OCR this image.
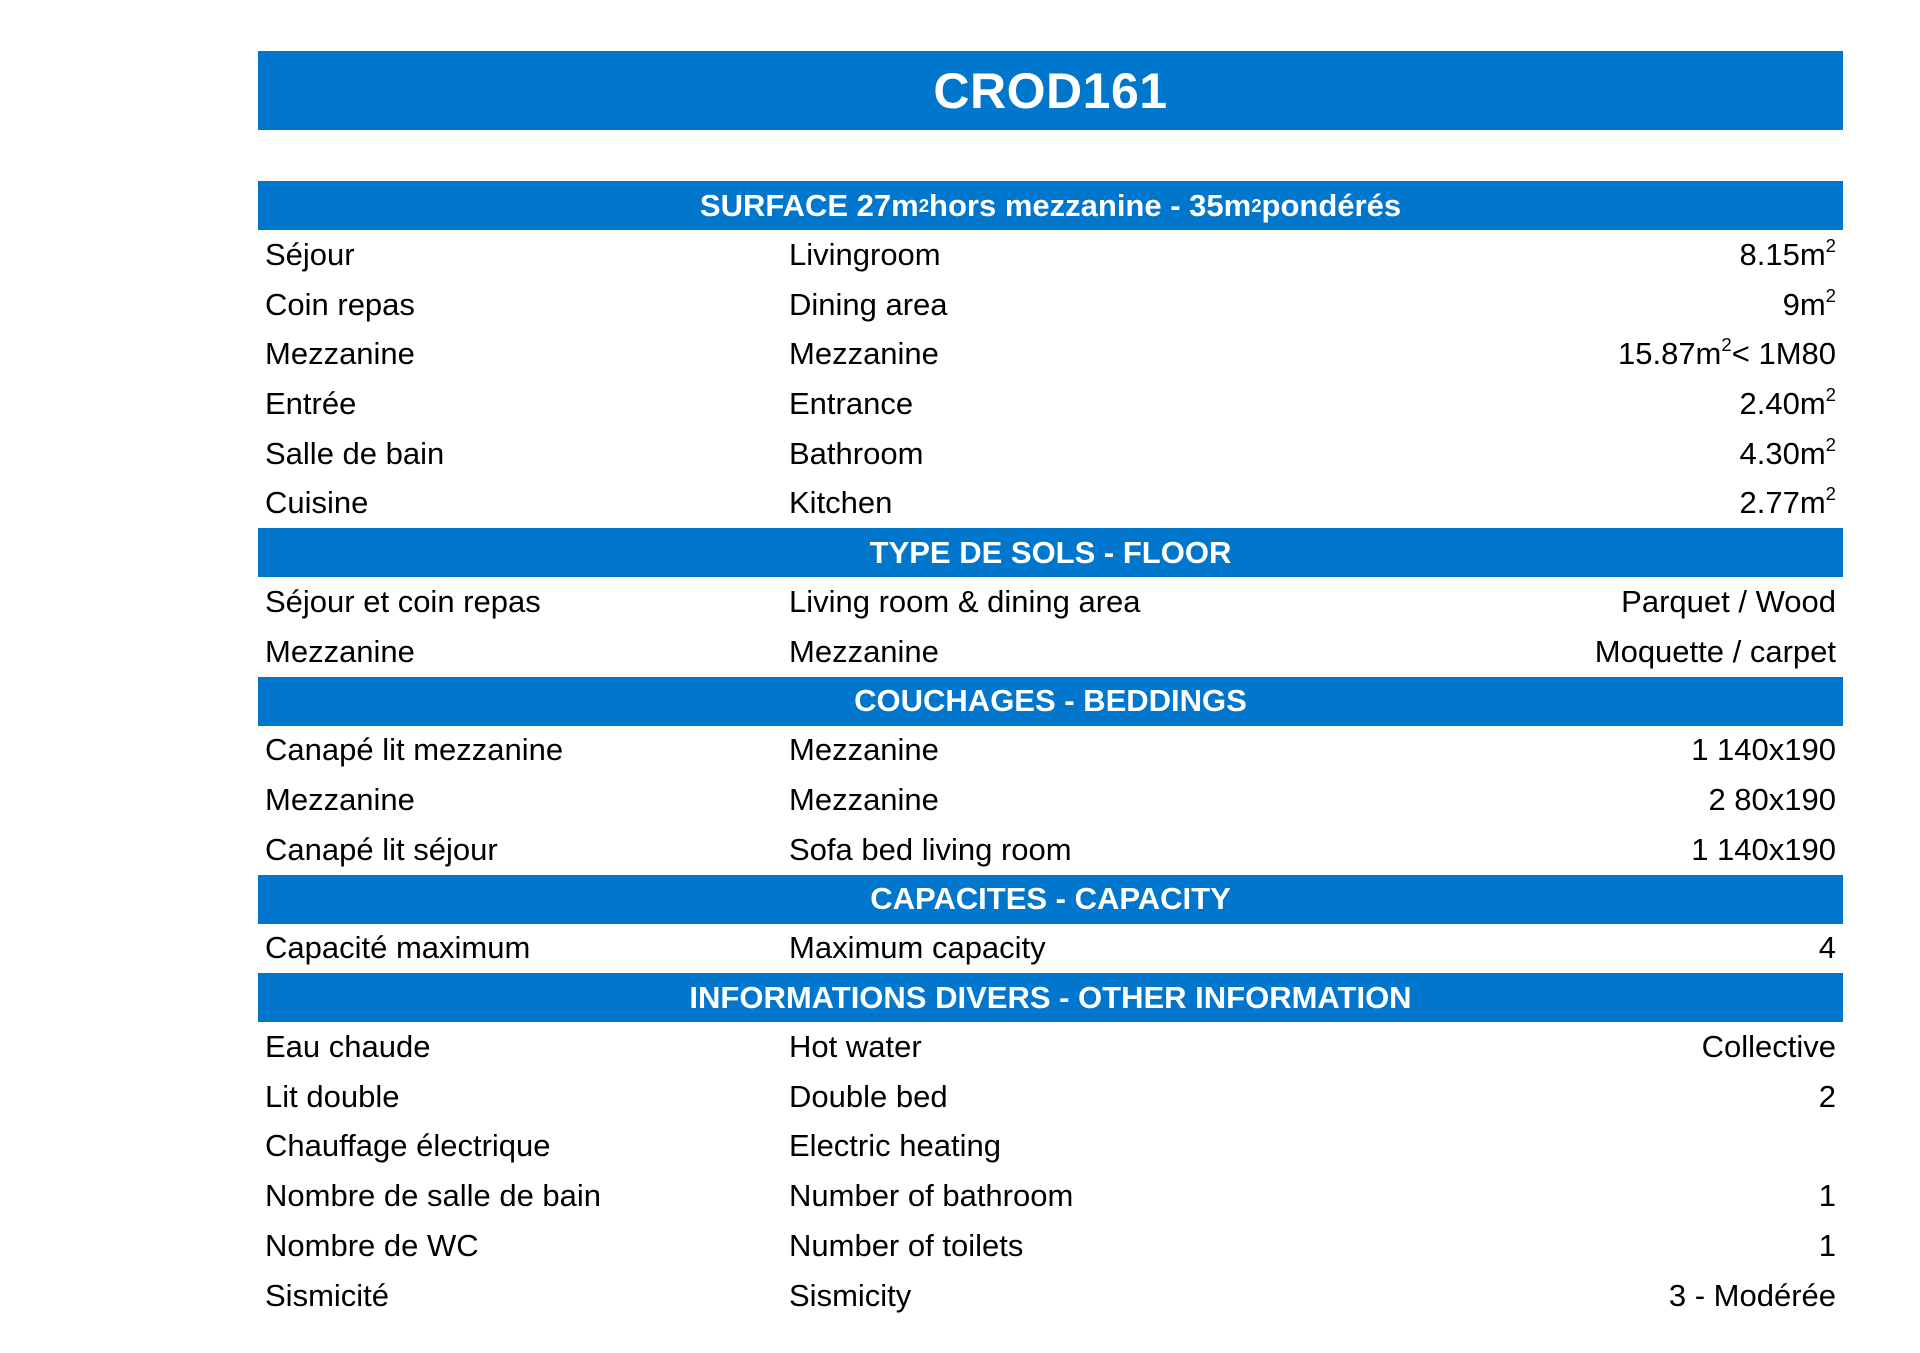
CROD161
SURFACE 27m 2 hors mezzanine - 35m 2 pondérés
Séjour	Livingroom	$8.15m^2$
Coin repas	Dining area	$9m^2$
Mezzanine	Mezzanine	$15.87m^2< 1M80$
Entrée	Entrance	$2.40m^2$
Salle de bain	Bathroom	$4.30m^2$
Cuisine	Kitchen	$2.77m^2$
TYPE DE SOLS - FLOOR
Séjour et coin repas	Living room & dining area	Parquet / Wood
Mezzanine	Mezzanine	Moquette / carpet
COUCHAGES - BEDDINGS
Canapé lit mezzanine	Mezzanine	1 140x190
Mezzanine	Mezzanine	2 80x190
Canapé lit séjour	Sofa bed living room	1 140x190
CAPACITES - CAPACITY
Capacité maximum	Maximum capacity	4
INFORMATIONS DIVERS - OTHER INFORMATION
Eau chaude	Hot water	Collective
Lit double	Double bed	2
Chauffage électrique	Electric heating
Nombre de salle de bain	Number of bathroom	1
Nombre de WC	Number of toilets	1
Sismicité	Sismicity	3 - Modérée
